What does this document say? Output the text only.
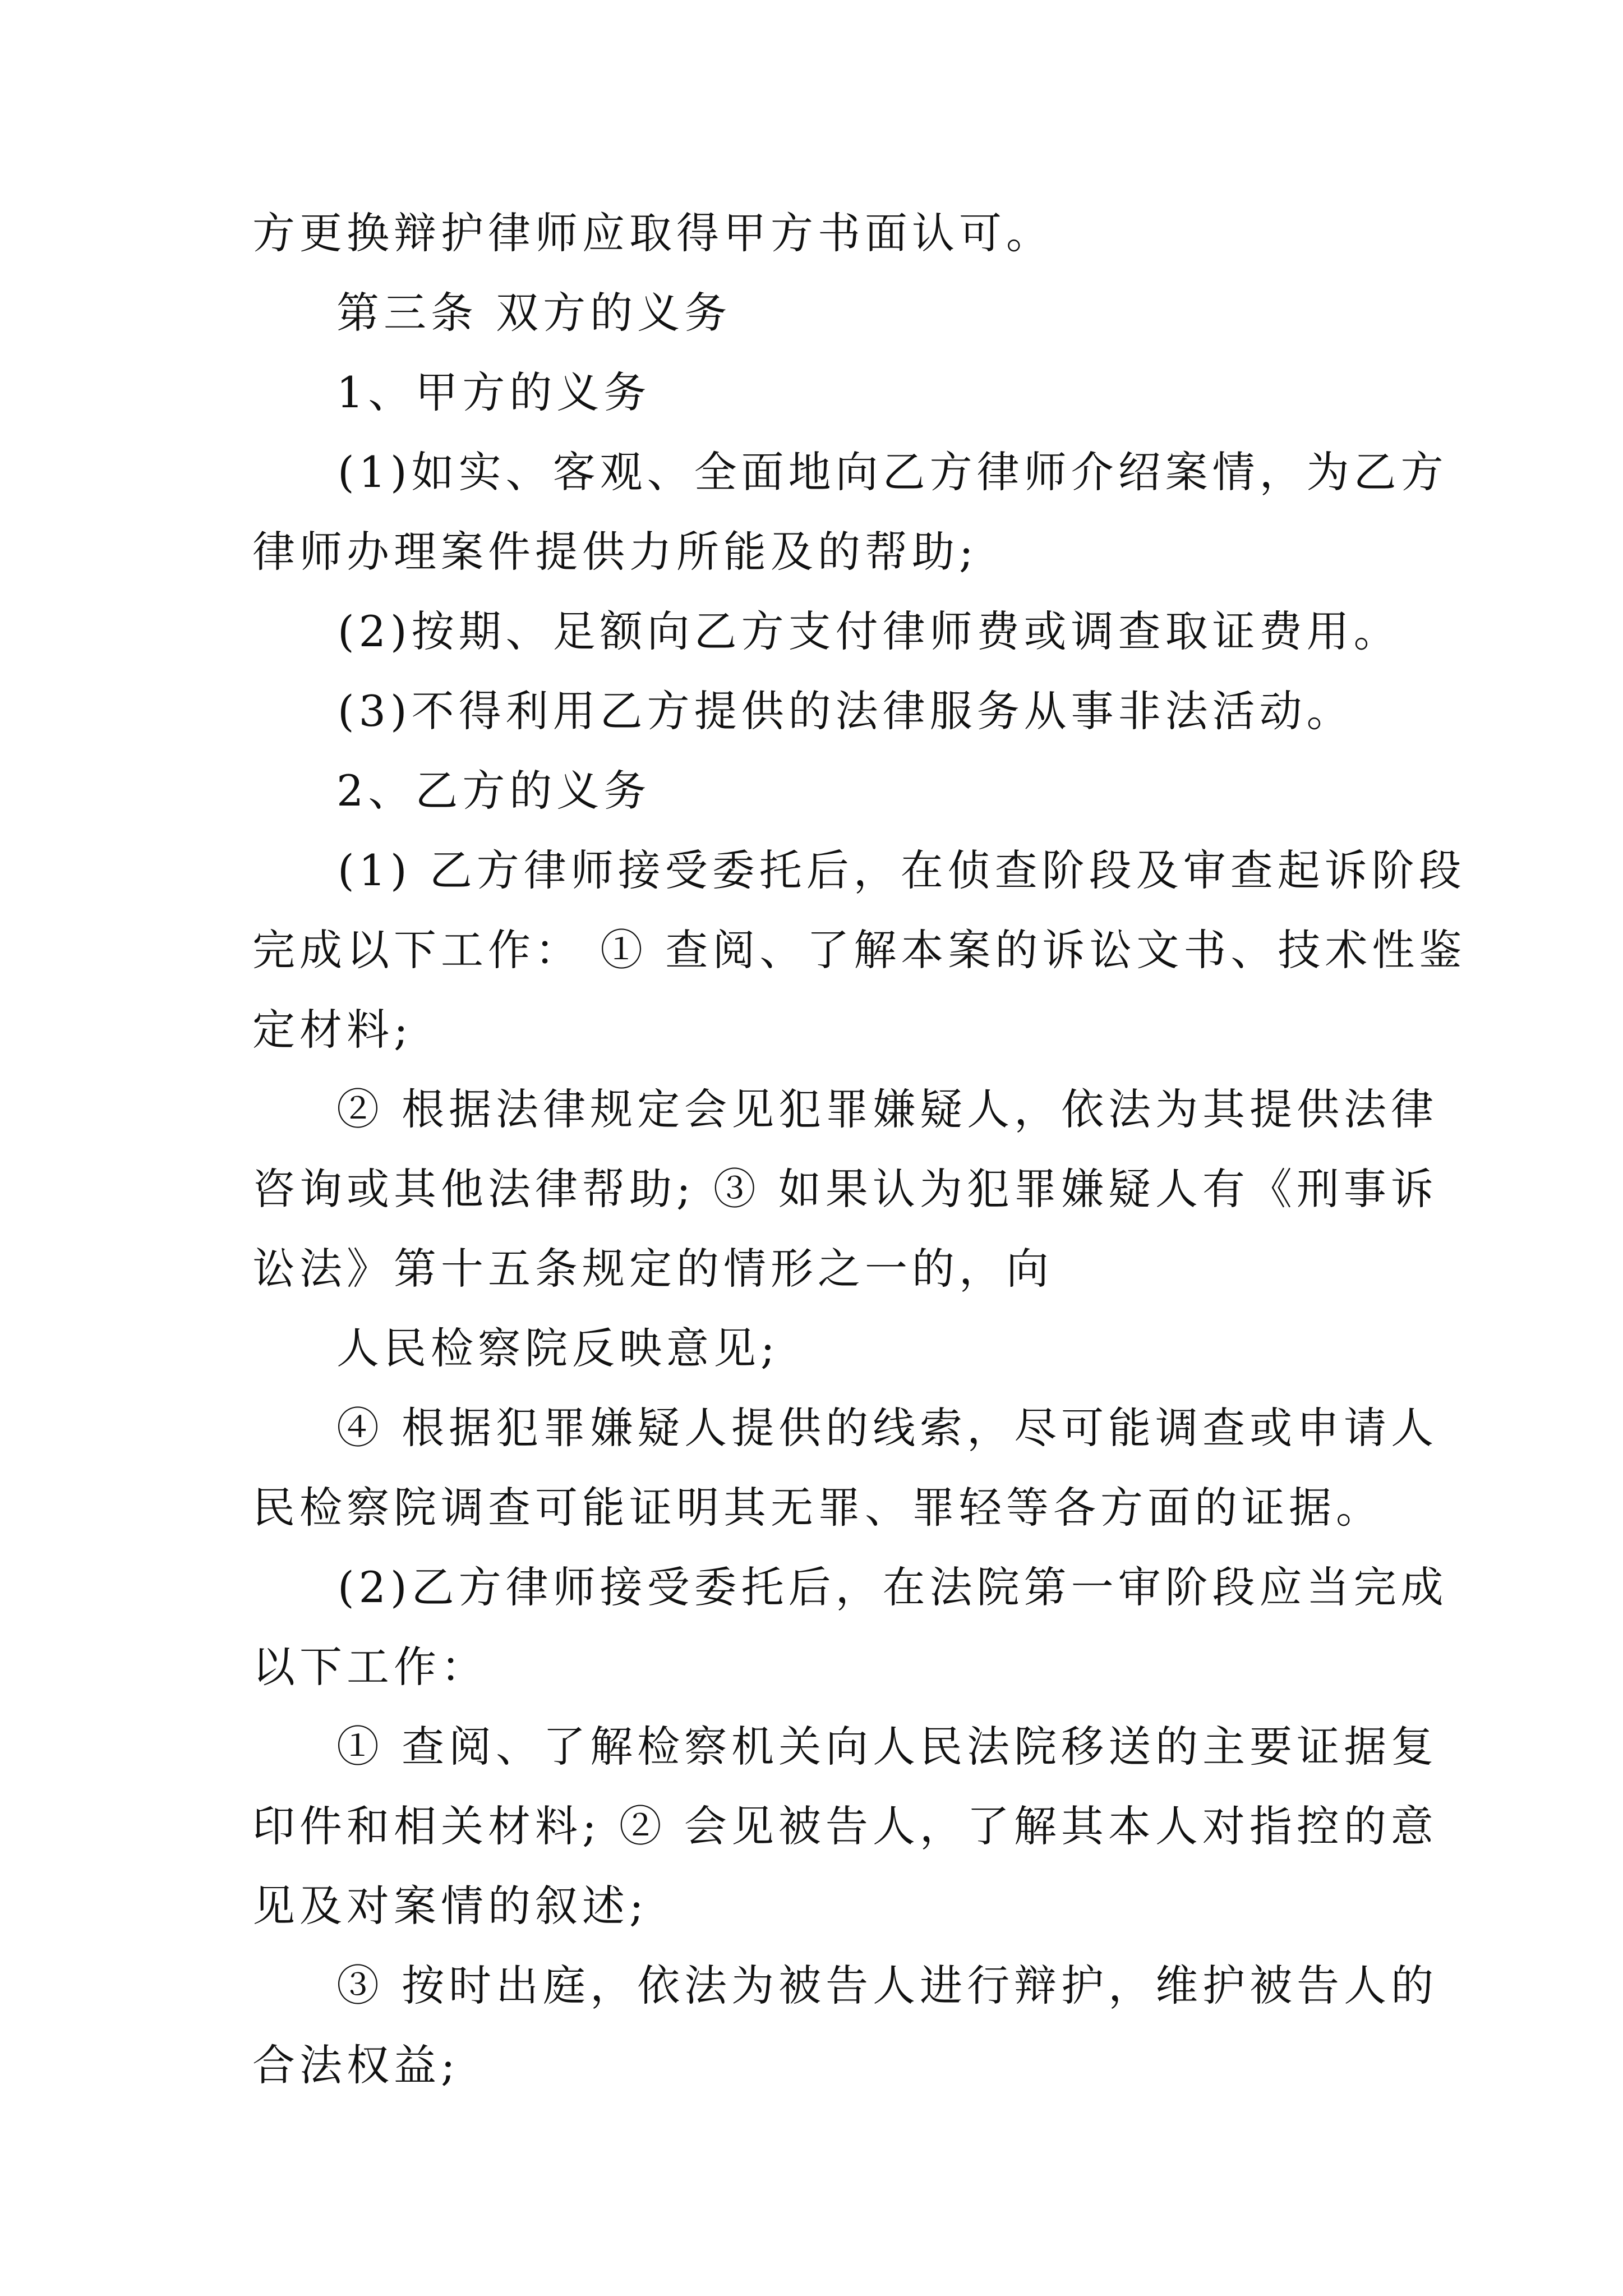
方更换辩护律师应取得甲方书面认可。
第三条 双方的义务
1、甲方的义务
(1)如实、客观、全面地向乙方律师介绍案情，为乙方
律师办理案件提供力所能及的帮助;
(2)按期、足额向乙方支付律师费或调查取证费用。
(3)不得利用乙方提供的法律服务从事非法活动。
2、乙方的义务
(1) 乙方律师接受委托后，在侦查阶段及审查起诉阶段
完成以下工作： ① 查阅、了解本案的诉讼文书、技术性鉴
定材料;
② 根据法律规定会见犯罪嫌疑人，依法为其提供法律
咨询或其他法律帮助; ③ 如果认为犯罪嫌疑人有《刑事诉
讼法》第十五条规定的情形之一的，向
人民检察院反映意见;
④ 根据犯罪嫌疑人提供的线索，尽可能调查或申请人
民检察院调查可能证明其无罪、罪轻等各方面的证据。
(2)乙方律师接受委托后，在法院第一审阶段应当完成
以下工作：
① 查阅、了解检察机关向人民法院移送的主要证据复
印件和相关材料; ② 会见被告人，了解其本人对指控的意
见及对案情的叙述;
③ 按时出庭，依法为被告人进行辩护，维护被告人的
合法权益;
